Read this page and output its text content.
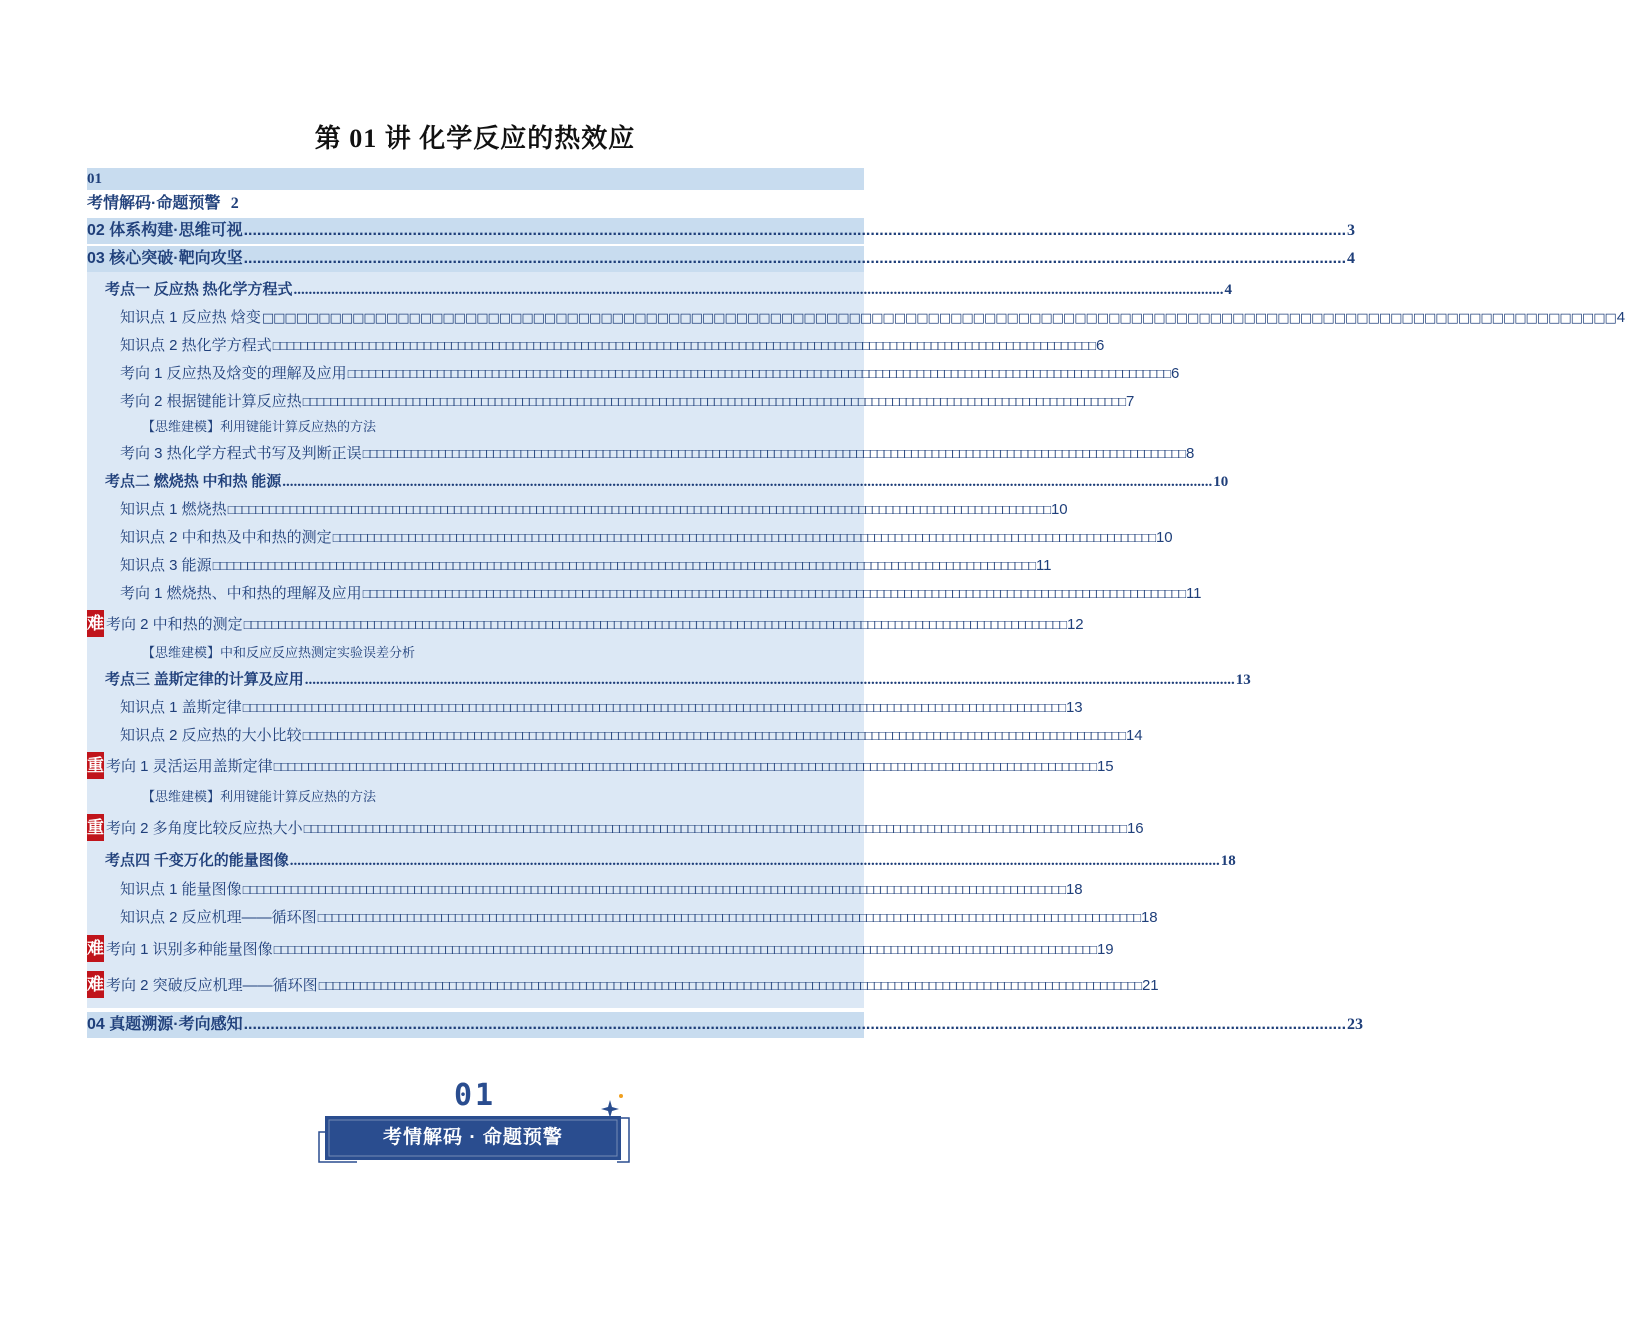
第 01 讲 化学反应的热效应
01
考情解码·命题预警 2
02 体系构建·思维可视 .....	3
03 核心突破·靶向攻坚 .....	4
考点一 反应热 热化学方程式 .....	4
知识点 1 反应热 焓变 □□□□□□□□□□□□□□□□□□□□□□□□□□□□□□□□□□□□□□□□□□□□□□□□□□□□□□□□□□□□□□□□□□□□□□□□□□□□□□□□□□□□□□□□□□□□□□□□□□□□□□□□□□□□□□□□□□□□□□□□ 4
知识点 2 热化学方程式 □□□□□□□□□□□□□□□□□□□□□□□□□□□□□□□□□□□□□□□□□□□□□□□□□□□□□□□□□□□□□□□□□□□□□□□□□□□□□□□□□□□□□□□□□□□□□□□□□□□□□□□□□□□□□□□□□□□□□□□□ 6
考向 1 反应热及焓变的理解及应用 □□□□□□□□□□□□□□□□□□□□□□□□□□□□□□□□□□□□□□□□□□□□□□□□□□□□□□□□□□□□□□□□□□□□□□□□□□□□□□□□□□□□□□□□□□□□□□□□□□□□□□□□□□□□□□□□□□□□□□□□ 6
考向 2 根据键能计算反应热 □□□□□□□□□□□□□□□□□□□□□□□□□□□□□□□□□□□□□□□□□□□□□□□□□□□□□□□□□□□□□□□□□□□□□□□□□□□□□□□□□□□□□□□□□□□□□□□□□□□□□□□□□□□□□□□□□□□□□□□□ 7
【思维建模】利用键能计算反应热的方法
考向 3 热化学方程式书写及判断正误 □□□□□□□□□□□□□□□□□□□□□□□□□□□□□□□□□□□□□□□□□□□□□□□□□□□□□□□□□□□□□□□□□□□□□□□□□□□□□□□□□□□□□□□□□□□□□□□□□□□□□□□□□□□□□□□□□□□□□□□□ 8
考点二 燃烧热 中和热 能源 .....	10
知识点 1 燃烧热 □□□□□□□□□□□□□□□□□□□□□□□□□□□□□□□□□□□□□□□□□□□□□□□□□□□□□□□□□□□□□□□□□□□□□□□□□□□□□□□□□□□□□□□□□□□□□□□□□□□□□□□□□□□□□□□□□□□□□□□□ 10
知识点 2 中和热及中和热的测定 □□□□□□□□□□□□□□□□□□□□□□□□□□□□□□□□□□□□□□□□□□□□□□□□□□□□□□□□□□□□□□□□□□□□□□□□□□□□□□□□□□□□□□□□□□□□□□□□□□□□□□□□□□□□□□□□□□□□□□□□ 10
知识点 3 能源 □□□□□□□□□□□□□□□□□□□□□□□□□□□□□□□□□□□□□□□□□□□□□□□□□□□□□□□□□□□□□□□□□□□□□□□□□□□□□□□□□□□□□□□□□□□□□□□□□□□□□□□□□□□□□□□□□□□□□□□□ 11
考向 1 燃烧热、中和热的理解及应用 □□□□□□□□□□□□□□□□□□□□□□□□□□□□□□□□□□□□□□□□□□□□□□□□□□□□□□□□□□□□□□□□□□□□□□□□□□□□□□□□□□□□□□□□□□□□□□□□□□□□□□□□□□□□□□□□□□□□□□□□ 11
难 考向 2 中和热的测定 □□□□□□□□□□□□□□□□□□□□□□□□□□□□□□□□□□□□□□□□□□□□□□□□□□□□□□□□□□□□□□□□□□□□□□□□□□□□□□□□□□□□□□□□□□□□□□□□□□□□□□□□□□□□□□□□□□□□□□□□ 12
【思维建模】中和反应反应热测定实验误差分析
考点三 盖斯定律的计算及应用 .....	13
知识点 1 盖斯定律 □□□□□□□□□□□□□□□□□□□□□□□□□□□□□□□□□□□□□□□□□□□□□□□□□□□□□□□□□□□□□□□□□□□□□□□□□□□□□□□□□□□□□□□□□□□□□□□□□□□□□□□□□□□□□□□□□□□□□□□□ 13
知识点 2 反应热的大小比较 □□□□□□□□□□□□□□□□□□□□□□□□□□□□□□□□□□□□□□□□□□□□□□□□□□□□□□□□□□□□□□□□□□□□□□□□□□□□□□□□□□□□□□□□□□□□□□□□□□□□□□□□□□□□□□□□□□□□□□□□ 14
重 考向 1 灵活运用盖斯定律 □□□□□□□□□□□□□□□□□□□□□□□□□□□□□□□□□□□□□□□□□□□□□□□□□□□□□□□□□□□□□□□□□□□□□□□□□□□□□□□□□□□□□□□□□□□□□□□□□□□□□□□□□□□□□□□□□□□□□□□□ 15
【思维建模】利用键能计算反应热的方法
重 考向 2 多角度比较反应热大小 □□□□□□□□□□□□□□□□□□□□□□□□□□□□□□□□□□□□□□□□□□□□□□□□□□□□□□□□□□□□□□□□□□□□□□□□□□□□□□□□□□□□□□□□□□□□□□□□□□□□□□□□□□□□□□□□□□□□□□□□ 16
考点四 千变万化的能量图像 .....	18
知识点 1 能量图像 □□□□□□□□□□□□□□□□□□□□□□□□□□□□□□□□□□□□□□□□□□□□□□□□□□□□□□□□□□□□□□□□□□□□□□□□□□□□□□□□□□□□□□□□□□□□□□□□□□□□□□□□□□□□□□□□□□□□□□□□ 18
知识点 2 反应机理——循环图 □□□□□□□□□□□□□□□□□□□□□□□□□□□□□□□□□□□□□□□□□□□□□□□□□□□□□□□□□□□□□□□□□□□□□□□□□□□□□□□□□□□□□□□□□□□□□□□□□□□□□□□□□□□□□□□□□□□□□□□□ 18
难 考向 1 识别多种能量图像 □□□□□□□□□□□□□□□□□□□□□□□□□□□□□□□□□□□□□□□□□□□□□□□□□□□□□□□□□□□□□□□□□□□□□□□□□□□□□□□□□□□□□□□□□□□□□□□□□□□□□□□□□□□□□□□□□□□□□□□□ 19
难 考向 2 突破反应机理——循环图 □□□□□□□□□□□□□□□□□□□□□□□□□□□□□□□□□□□□□□□□□□□□□□□□□□□□□□□□□□□□□□□□□□□□□□□□□□□□□□□□□□□□□□□□□□□□□□□□□□□□□□□□□□□□□□□□□□□□□□□□ 21
04 真题溯源·考向感知 .....	23
01
考情解码 · 命题预警
